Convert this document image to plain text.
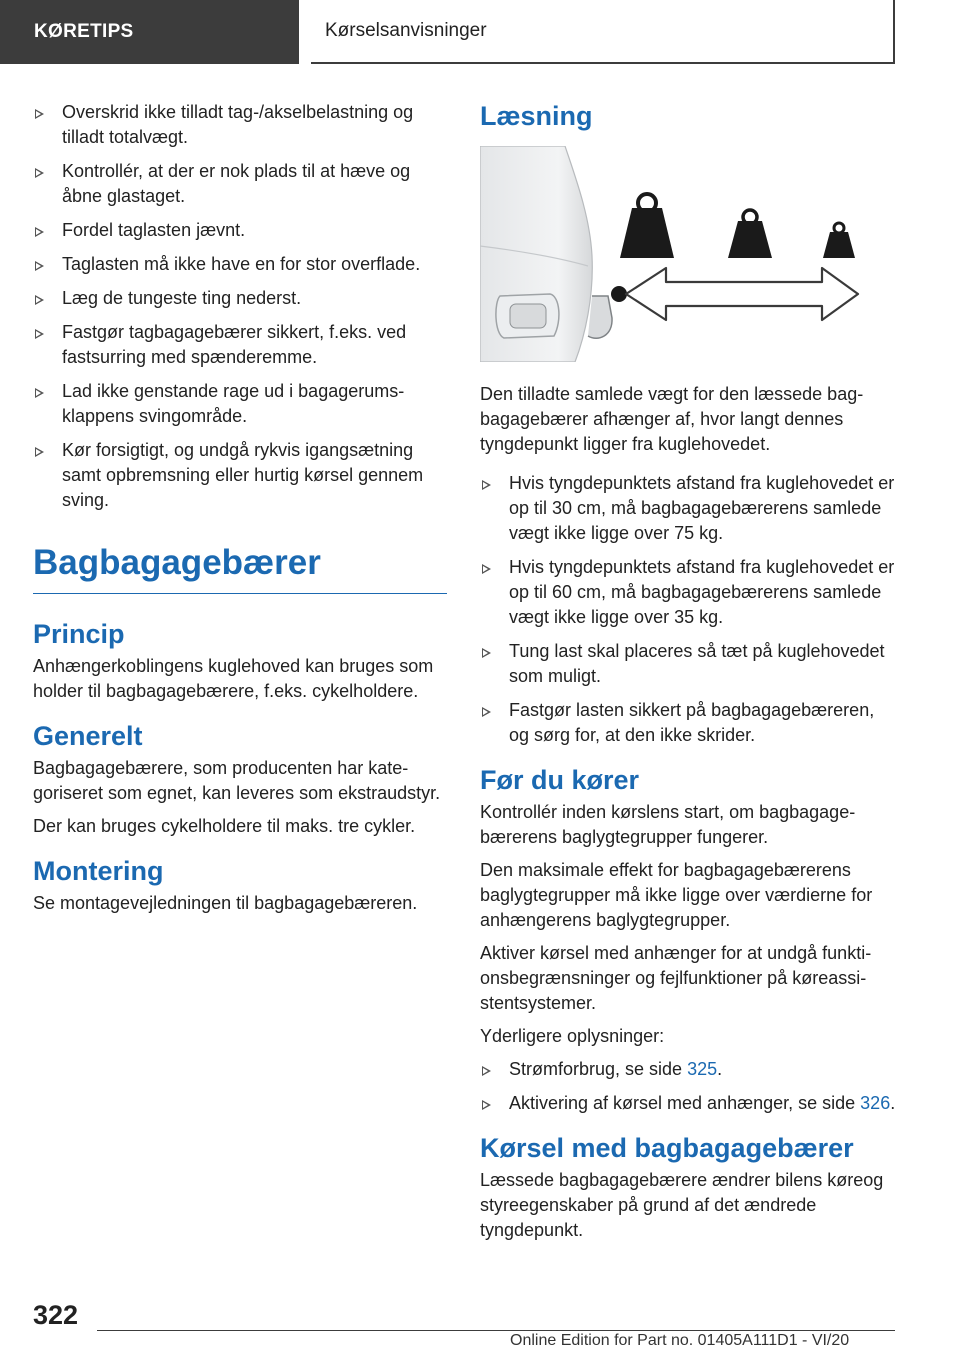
KØRETIPS	Kørselsanvisninger
Overskrid ikke tilladt tag-/akselbelastning og tilladt totalvægt.
Kontrollér, at der er nok plads til at hæve og åbne glastaget.
Fordel taglasten jævnt.
Taglasten må ikke have en for stor overflade.
Læg de tungeste ting nederst.
Fastgør tagbagagebærer sikkert, f.eks. ved fastsurring med spænderemme.
Lad ikke genstande rage ud i bagagerumsklappens svingområde.
Kør forsigtigt, og undgå rykvis igangsætning samt opbremsning eller hurtig kørsel gennem sving.
Bagbagagebærer
Princip

Anhængerkoblingens kuglehoved kan bruges som holder til bagbagagebærere, f.eks. cykelholdere.

Generelt

Bagbagagebærere, som producenten har kategoriseret som egnet, kan leveres som ekstraudstyr.

Der kan bruges cykelholdere til maks. tre cykler.

Montering

Se montagevejledningen til bagbagagebæreren.

Læsning

Den tilladte samlede vægt for den læssede bagbagagebærer afhænger af, hvor langt dennes tyngdepunkt ligger fra kuglehovedet.

Hvis tyngdepunktets afstand fra kuglehovedet er op til 30 cm, må bagbagagebærerens samlede vægt ikke ligge over 75 kg.
Hvis tyngdepunktets afstand fra kuglehovedet er op til 60 cm, må bagbagagebærerens samlede vægt ikke ligge over 35 kg.
Tung last skal placeres så tæt på kuglehovedet som muligt.
Fastgør lasten sikkert på bagbagagebæreren, og sørg for, at den ikke skrider.
Før du kører

Kontrollér inden kørslens start, om bagbagagebærerens baglygtegrupper fungerer.

Den maksimale effekt for bagbagagebærerens baglygtegrupper må ikke ligge over værdierne for anhængerens baglygtegrupper.

Aktiver kørsel med anhænger for at undgå funktionsbegrænsninger og fejlfunktioner på køreassistentsystemer.

Yderligere oplysninger:

Strømforbrug, se side 325.
Aktivering af kørsel med anhænger, se side 326.
Kørsel med bagbagagebærer

Læssede bagbagagebærere ændrer bilens køreog styreegenskaber på grund af det ændrede tyngdepunkt.

322
Online Edition for Part no. 01405A111D1 - VI/20
